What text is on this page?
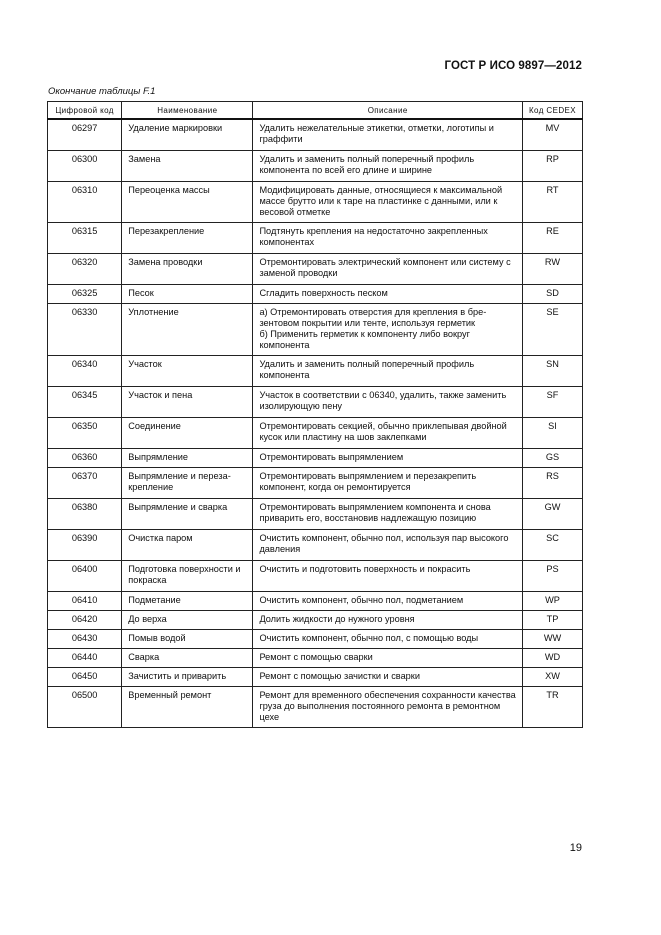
ГОСТ Р ИСО 9897—2012
Окончание таблицы F.1
Цифровой код	Наименование	Описание	Код CEDEX
06297	Удаление маркировки	Удалить нежелательные этикетки, отметки, логотипы и граффити	MV
06300	Замена	Удалить и заменить полный поперечный профиль компонента по всей его длине и ширине	RP
06310	Переоценка массы	Модифицировать данные, относящиеся к максимальной массе брутто или к таре на пластинке с данными, или к весовой отметке	RT
06315	Перезакрепление	Подтянуть крепления на недостаточно закрепленных компонентах	RE
06320	Замена проводки	Отремонтировать электрический компонент или систему с заменой проводки	RW
06325	Песок	Сгладить поверхность песком	SD
06330	Уплотнение	а) Отремонтировать отверстия для крепления в брезентовом покрытии или тенте, используя герметик
б) Применить герметик к компоненту либо вокруг компонента	SE
06340	Участок	Удалить и заменить полный поперечный профиль компонента	SN
06345	Участок и пена	Участок в соответствии с 06340, удалить, также заменить изолирующую пену	SF
06350	Соединение	Отремонтировать секцией, обычно приклепывая двойной кусок или пластину на шов заклепками	SI
06360	Выпрямление	Отремонтировать выпрямлением	GS
06370	Выпрямление и перезакрепление	Отремонтировать выпрямлением и перезакрепить компонент, когда он ремонтируется	RS
06380	Выпрямление и сварка	Отремонтировать выпрямлением компонента и снова приварить его, восстановив надлежащую позицию	GW
06390	Очистка паром	Очистить компонент, обычно пол, используя пар высокого давления	SC
06400	Подготовка поверхности и покраска	Очистить и подготовить поверхность и покрасить	PS
06410	Подметание	Очистить компонент, обычно пол, подметанием	WP
06420	До верха	Долить жидкости до нужного уровня	TP
06430	Помыв водой	Очистить компонент, обычно пол, с помощью воды	WW
06440	Сварка	Ремонт с помощью сварки	WD
06450	Зачистить и приварить	Ремонт с помощью зачистки и сварки	XW
06500	Временный ремонт	Ремонт для временного обеспечения сохранности качества груза до выполнения постоянного ремонта в ремонтном цехе	TR
19
